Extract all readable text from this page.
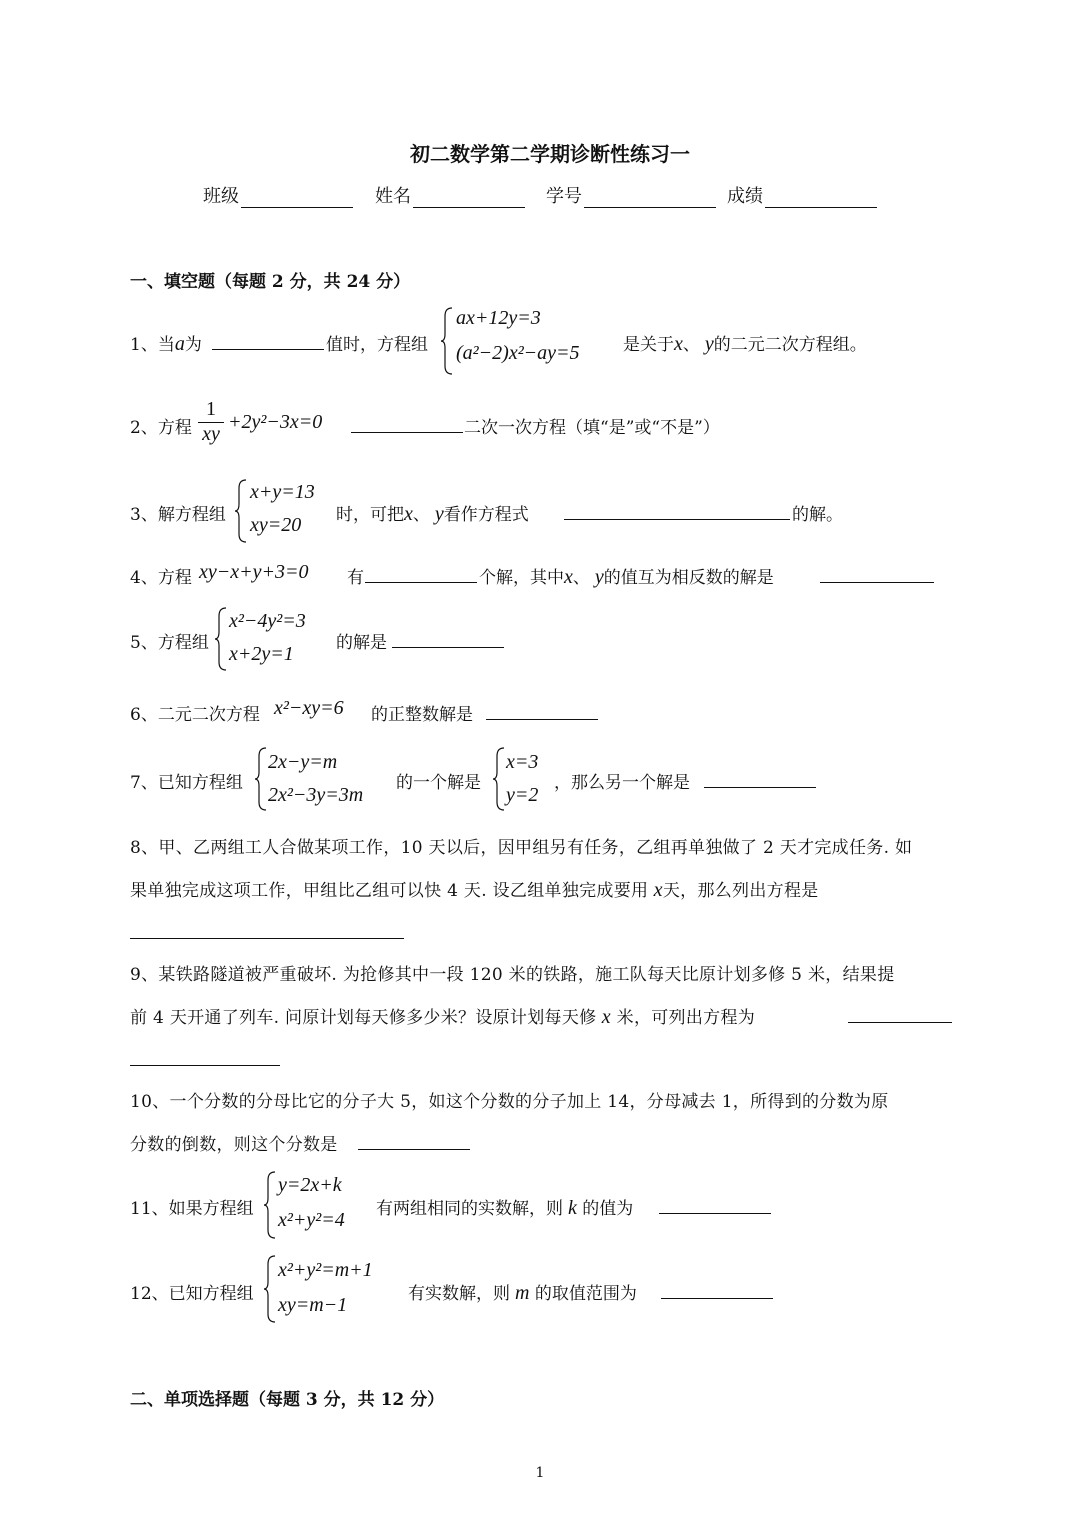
初二数学第二学期诊断性练习一
班级	姓名	学号	成绩
一、填空题（每题 2 分，共 24 分）
1、当a为	值时，方程组
ax+12y=3
(a²−2)x²−ay=5	是关于x、 y的二元二次方程组。
2、方程 $\frac{1}{xy} +2y^2-3x=0$	二次一次方程（填“是”或“不是”）
3、解方程组
x+y=13
xy=20 时，可把x、 y看作方程式	的解。
4、方程 xy−x+y+3=0 有	个解，其中x、 y的值互为相反数的解是
5、方程组
x²−4y²=3
x+2y=1 的解是
6、二元二次方程 x²−xy=6 的正整数解是
7、已知方程组
2x−y=m
2x²−3y=3m
的一个解是
x=3
y=2
，那么另一个解是
8、甲、乙两组工人合做某项工作，10 天以后，因甲组另有任务，乙组再单独做了 2 天才完成任务. 如
果单独完成这项工作，甲组比乙组可以快 4 天. 设乙组单独完成要用 x天，那么列出方程是
9、某铁路隧道被严重破坏. 为抢修其中一段 120 米的铁路，施工队每天比原计划多修 5 米，结果提
前 4 天开通了列车. 问原计划每天修多少米？设原计划每天修 x 米，可列出方程为
10、一个分数的分母比它的分子大 5，如这个分数的分子加上 14，分母减去 1，所得到的分数为原
分数的倒数，则这个分数是
11、如果方程组
y=2x+k
x²+y²=4 有两组相同的实数解，则 k 的值为
12、已知方程组
x²+y²=m+1
xy=m−1	有实数解，则 m 的取值范围为
二、单项选择题（每题 3 分，共 12 分）
1
